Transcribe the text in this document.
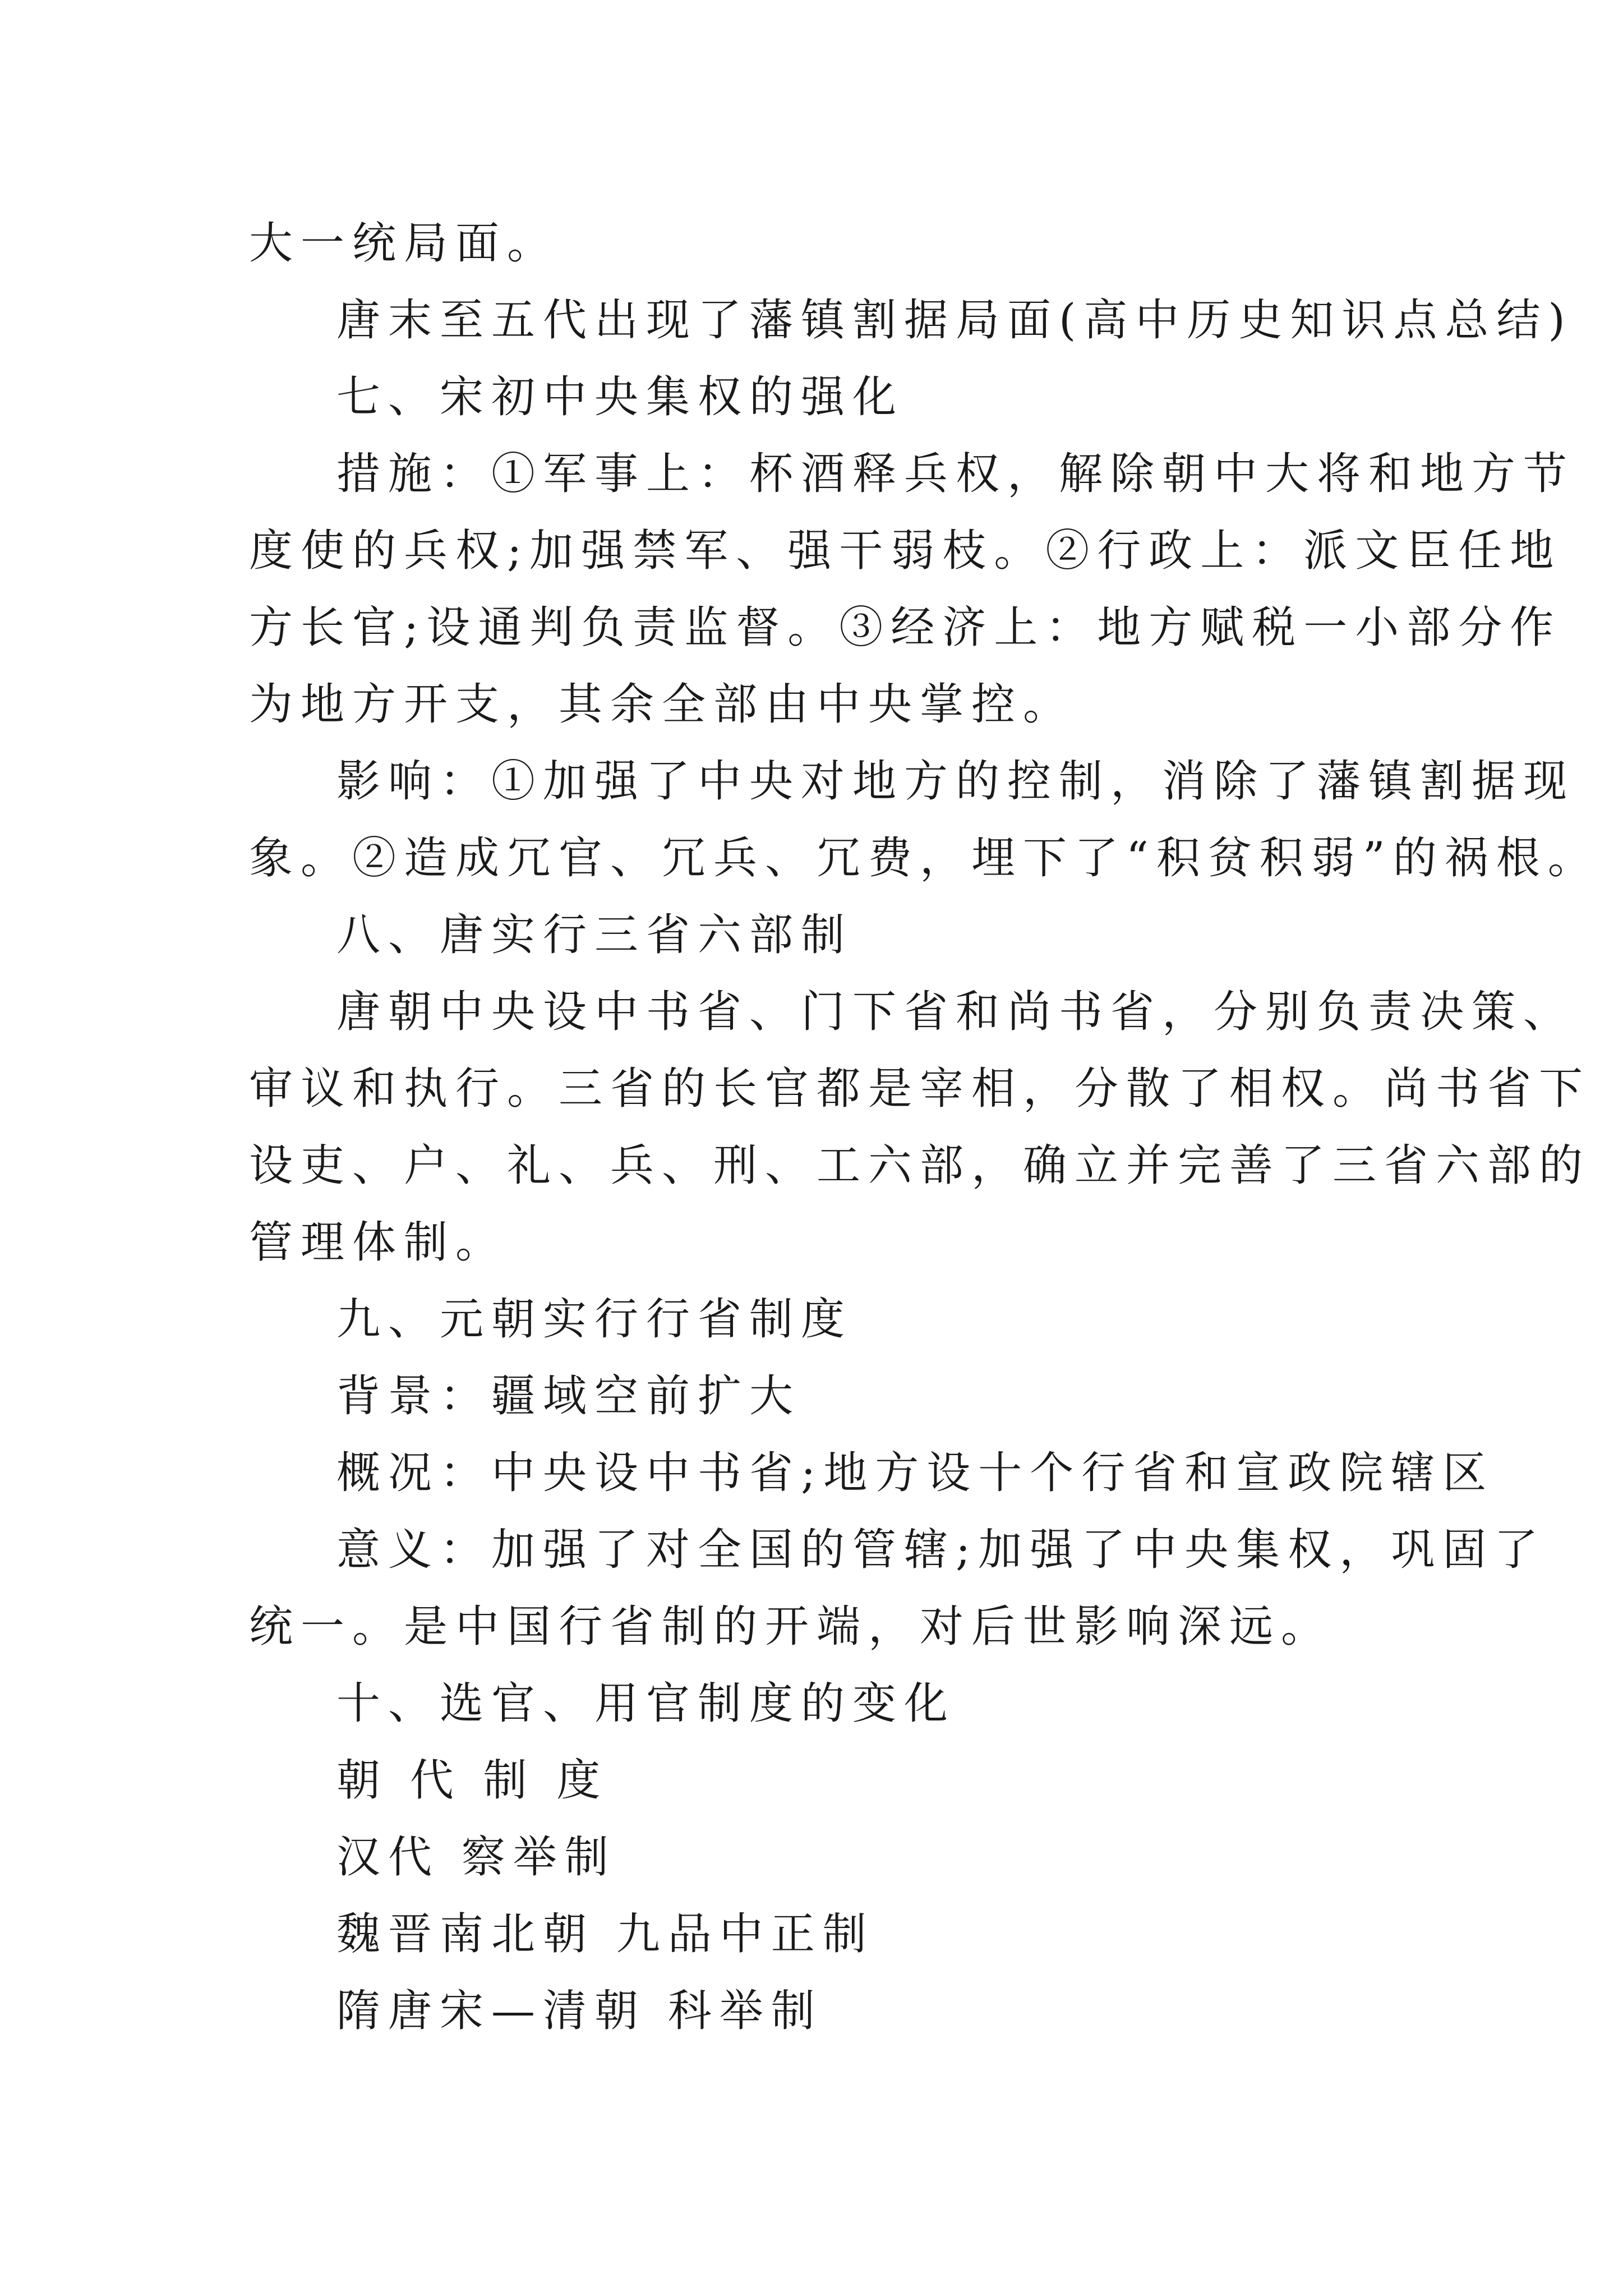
大一统局面。
唐末至五代出现了藩镇割据局面(高中历史知识点总结)
七、宋初中央集权的强化
措施：①军事上：杯酒释兵权，解除朝中大将和地方节
度使的兵权;加强禁军、强干弱枝。②行政上：派文臣任地
方长官;设通判负责监督。③经济上：地方赋税一小部分作
为地方开支，其余全部由中央掌控。
影响：①加强了中央对地方的控制，消除了藩镇割据现
象。②造成冗官、冗兵、冗费，埋下了“积贫积弱”的祸根。
八、唐实行三省六部制
唐朝中央设中书省、门下省和尚书省，分别负责决策、
审议和执行。三省的长官都是宰相，分散了相权。尚书省下
设吏、户、礼、兵、刑、工六部，确立并完善了三省六部的
管理体制。
九、元朝实行行省制度
背景：疆域空前扩大
概况：中央设中书省;地方设十个行省和宣政院辖区
意义：加强了对全国的管辖;加强了中央集权，巩固了
统一。是中国行省制的开端，对后世影响深远。
十、选官、用官制度的变化
朝 代 制 度
汉代 察举制
魏晋南北朝 九品中正制
隋唐宋—清朝 科举制
